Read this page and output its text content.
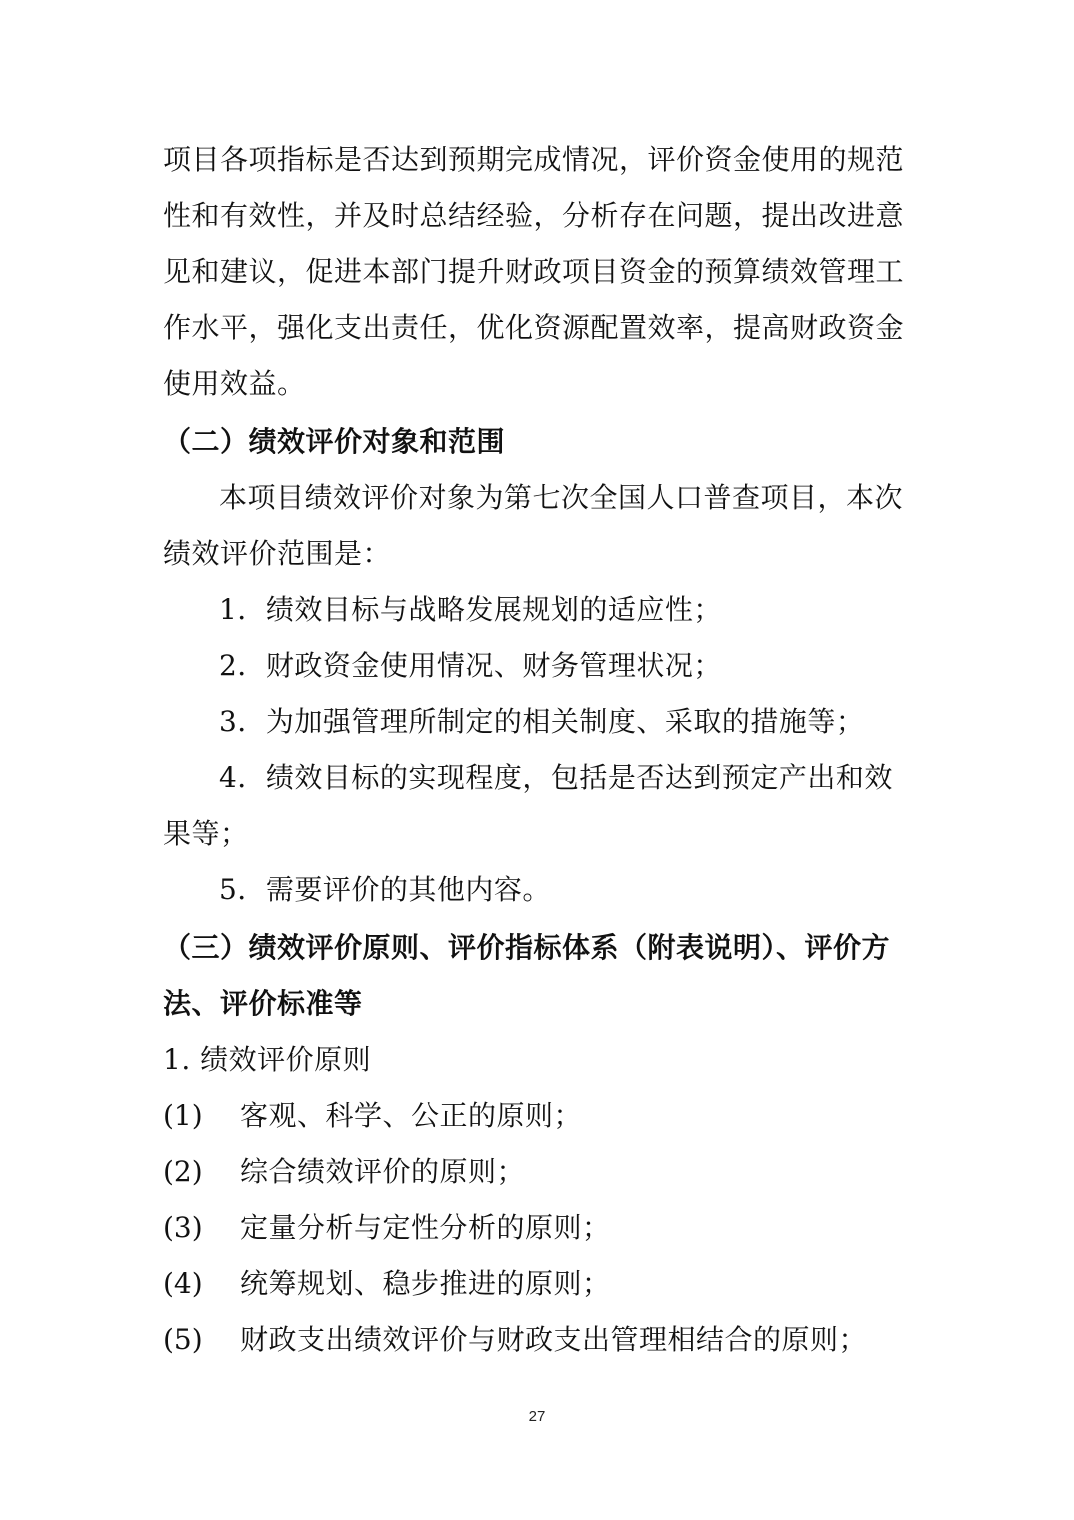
项目各项指标是否达到预期完成情况，评价资金使用的规范
性和有效性，并及时总结经验，分析存在问题，提出改进意
见和建议，促进本部门提升财政项目资金的预算绩效管理工
作水平，强化支出责任，优化资源配置效率，提高财政资金
使用效益。
（二）绩效评价对象和范围
本项目绩效评价对象为第七次全国人口普查项目，本次
绩效评价范围是：
1．绩效目标与战略发展规划的适应性；
2．财政资金使用情况、财务管理状况；
3．为加强管理所制定的相关制度、采取的措施等；
4．绩效目标的实现程度，包括是否达到预定产出和效
果等；
5．需要评价的其他内容。
（三）绩效评价原则、评价指标体系（附表说明）、评价方
法、评价标准等
1. 绩效评价原则
(1) 客观、科学、公正的原则；
(2) 综合绩效评价的原则；
(3) 定量分析与定性分析的原则；
(4) 统筹规划、稳步推进的原则；
(5) 财政支出绩效评价与财政支出管理相结合的原则；
27
